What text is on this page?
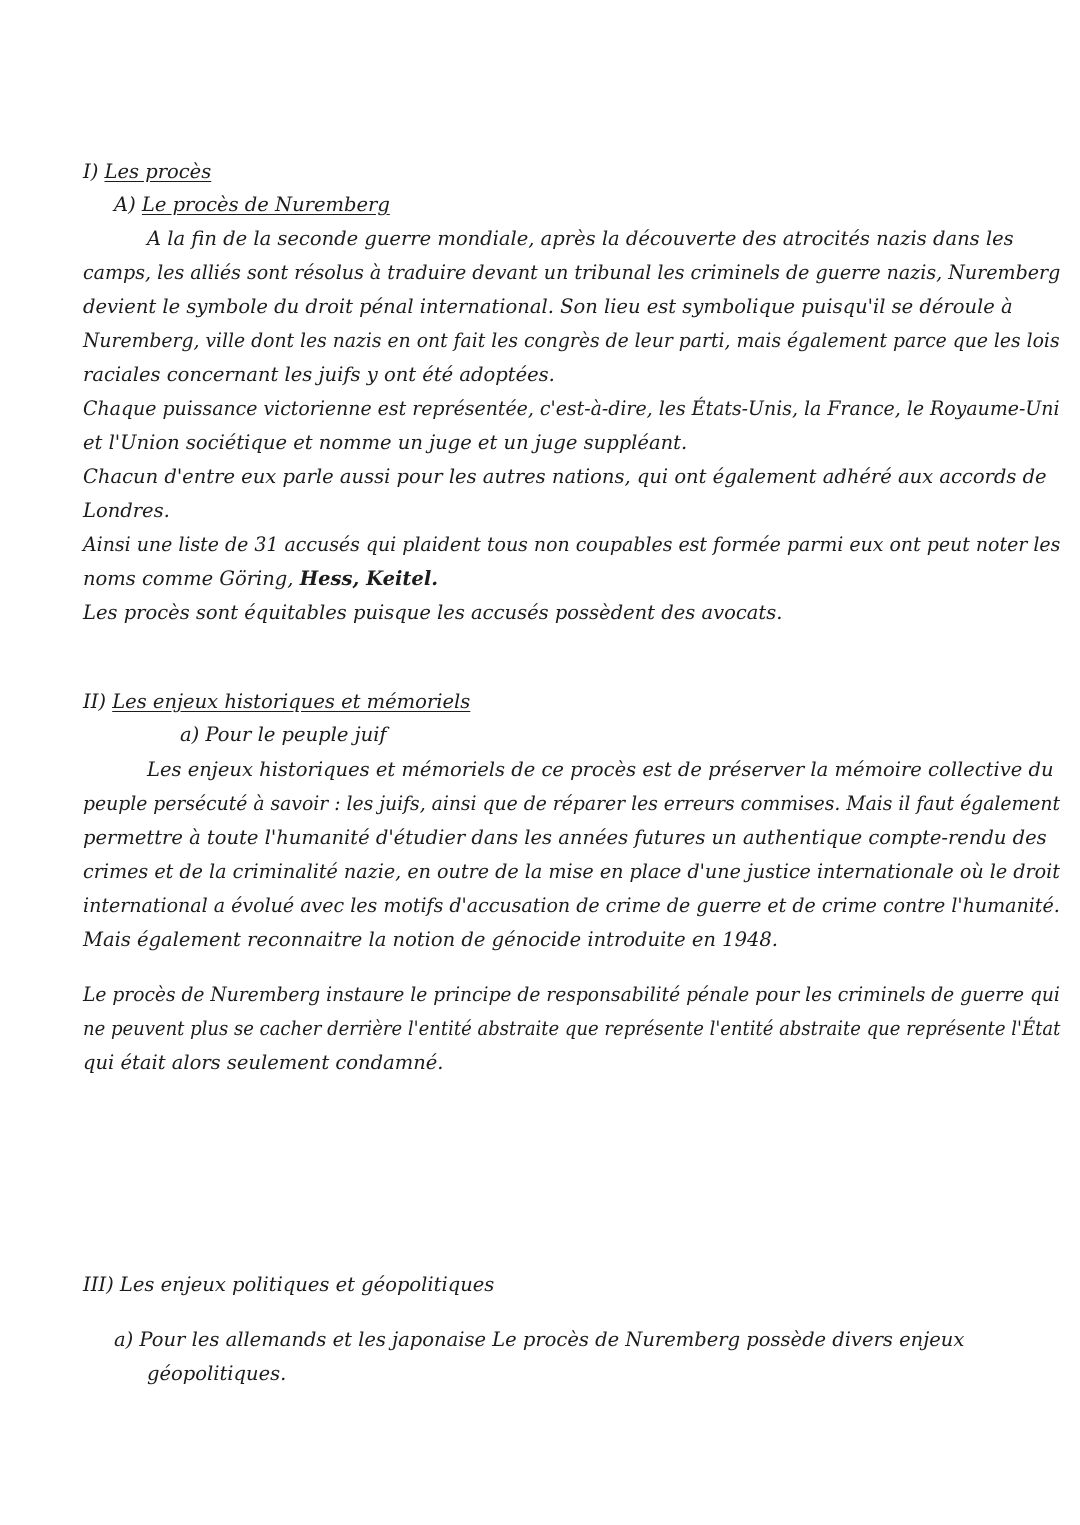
I) Les procès
A) Le procès de Nuremberg
A la fin de la seconde guerre mondiale, après la découverte des atrocités nazis dans les
camps, les alliés sont résolus à traduire devant un tribunal les criminels de guerre nazis, Nuremberg
devient le symbole du droit pénal international. Son lieu est symbolique puisqu'il se déroule à
Nuremberg, ville dont les nazis en ont fait les congrès de leur parti, mais également parce que les lois
raciales concernant les juifs y ont été adoptées.
Chaque puissance victorienne est représentée, c'est-à-dire, les États-Unis, la France, le Royaume-Uni
et l'Union sociétique et nomme un juge et un juge suppléant.
Chacun d'entre eux parle aussi pour les autres nations, qui ont également adhéré aux accords de
Londres.
Ainsi une liste de 31 accusés qui plaident tous non coupables est formée parmi eux ont peut noter les
noms comme Göring, Hess, Keitel.
Les procès sont équitables puisque les accusés possèdent des avocats.
II) Les enjeux historiques et mémoriels
a) Pour le peuple juif
Les enjeux historiques et mémoriels de ce procès est de préserver la mémoire collective du
peuple persécuté à savoir : les juifs, ainsi que de réparer les erreurs commises. Mais il faut également
permettre à toute l'humanité d'étudier dans les années futures un authentique compte-rendu des
crimes et de la criminalité nazie, en outre de la mise en place d'une justice internationale où le droit
international a évolué avec les motifs d'accusation de crime de guerre et de crime contre l'humanité.
Mais également reconnaitre la notion de génocide introduite en 1948.
Le procès de Nuremberg instaure le principe de responsabilité pénale pour les criminels de guerre qui
ne peuvent plus se cacher derrière l'entité abstraite que représente l'entité abstraite que représente l'État
qui était alors seulement condamné.
III) Les enjeux politiques et géopolitiques
a) Pour les allemands et les japonaise Le procès de Nuremberg possède divers enjeux
géopolitiques.
